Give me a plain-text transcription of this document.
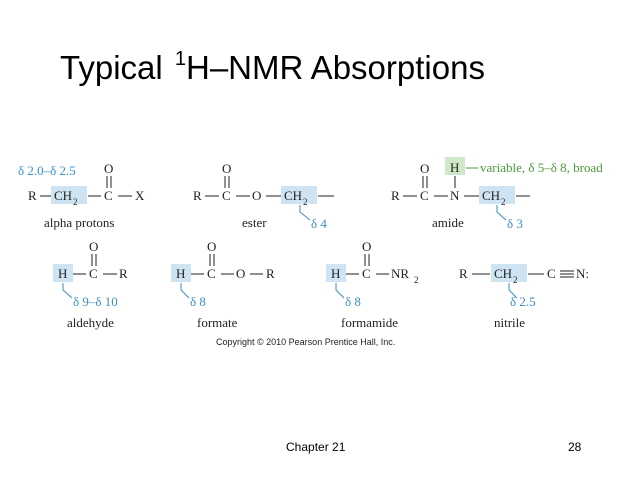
Typical $^1$H–NMR Absorptions
δ 2.0–δ 2.5
R CH 2 C
O
X
alpha protons
R C
O
O CH 2
δ 4
ester
R C
O
N
H variable, δ 5–δ 8, broad
CH 2
δ 3
amide
H C
O
R
δ 9–δ 10
aldehyde
H C
O
O R
δ 8
formate
H C
O
NR 2
δ 8
formamide
R CH 2 C N:
δ 2.5
nitrile
Copyright © 2010 Pearson Prentice Hall, Inc.
Chapter 21	28
